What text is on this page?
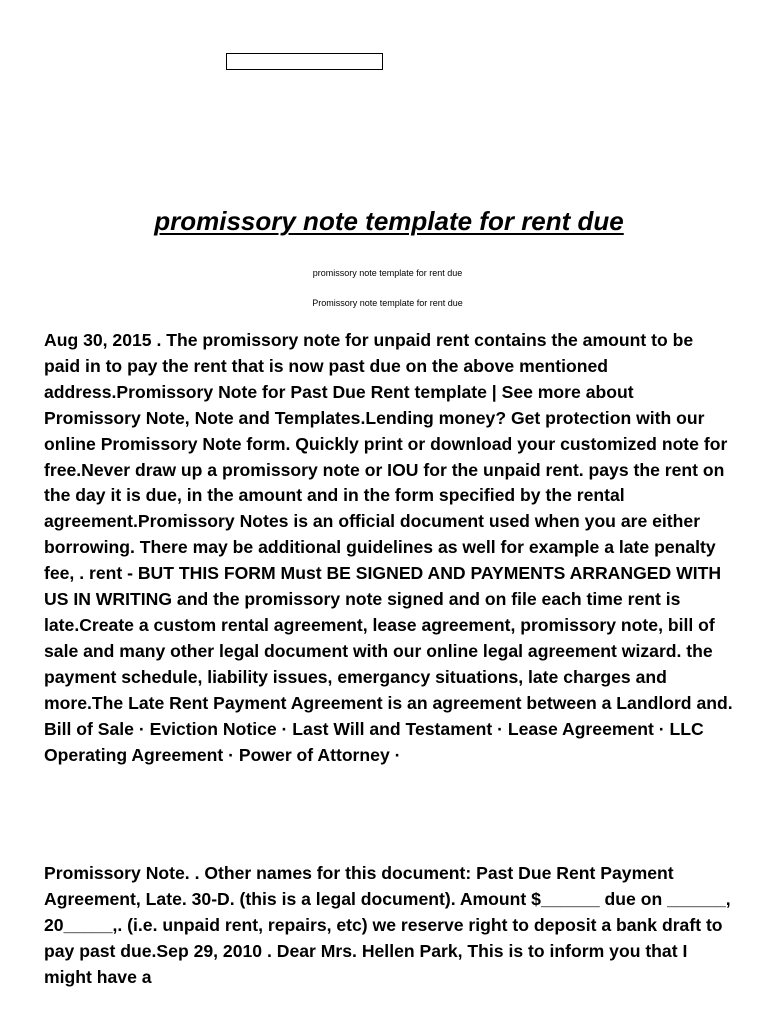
promissory note template for rent due
promissory note template for rent due
Promissory note template for rent due

Aug 30, 2015 . The promissory note for unpaid rent contains the amount to be paid in to pay the rent that is now past due on the above mentioned address.Promissory Note for Past Due Rent template | See more about Promissory Note, Note and Templates.Lending money? Get protection with our online Promissory Note form. Quickly print or download your customized note for free.Never draw up a promissory note or IOU for the unpaid rent. pays the rent on the day it is due, in the amount and in the form specified by the rental agreement.Promissory Notes is an official document used when you are either borrowing. There may be additional guidelines as well for example a late penalty fee, . rent - BUT THIS FORM Must BE SIGNED AND PAYMENTS ARRANGED WITH US IN WRITING and the promissory note signed and on file each time rent is late.Create a custom rental agreement, lease agreement, promissory note, bill of sale and many other legal document with our online legal agreement wizard. the payment schedule, liability issues, emergancy situations, late charges and more.The Late Rent Payment Agreement is an agreement between a Landlord and. Bill of Sale · Eviction Notice · Last Will and Testament · Lease Agreement · LLC Operating Agreement · Power of Attorney ·

Promissory Note. . Other names for this document: Past Due Rent Payment Agreement, Late. 30-D. (this is a legal document). Amount $______ due on ______, 20_____,. (i.e. unpaid rent, repairs, etc) we reserve right to deposit a bank draft to pay past due.Sep 29, 2010 . Dear Mrs. Hellen Park, This is to inform you that I might have a
